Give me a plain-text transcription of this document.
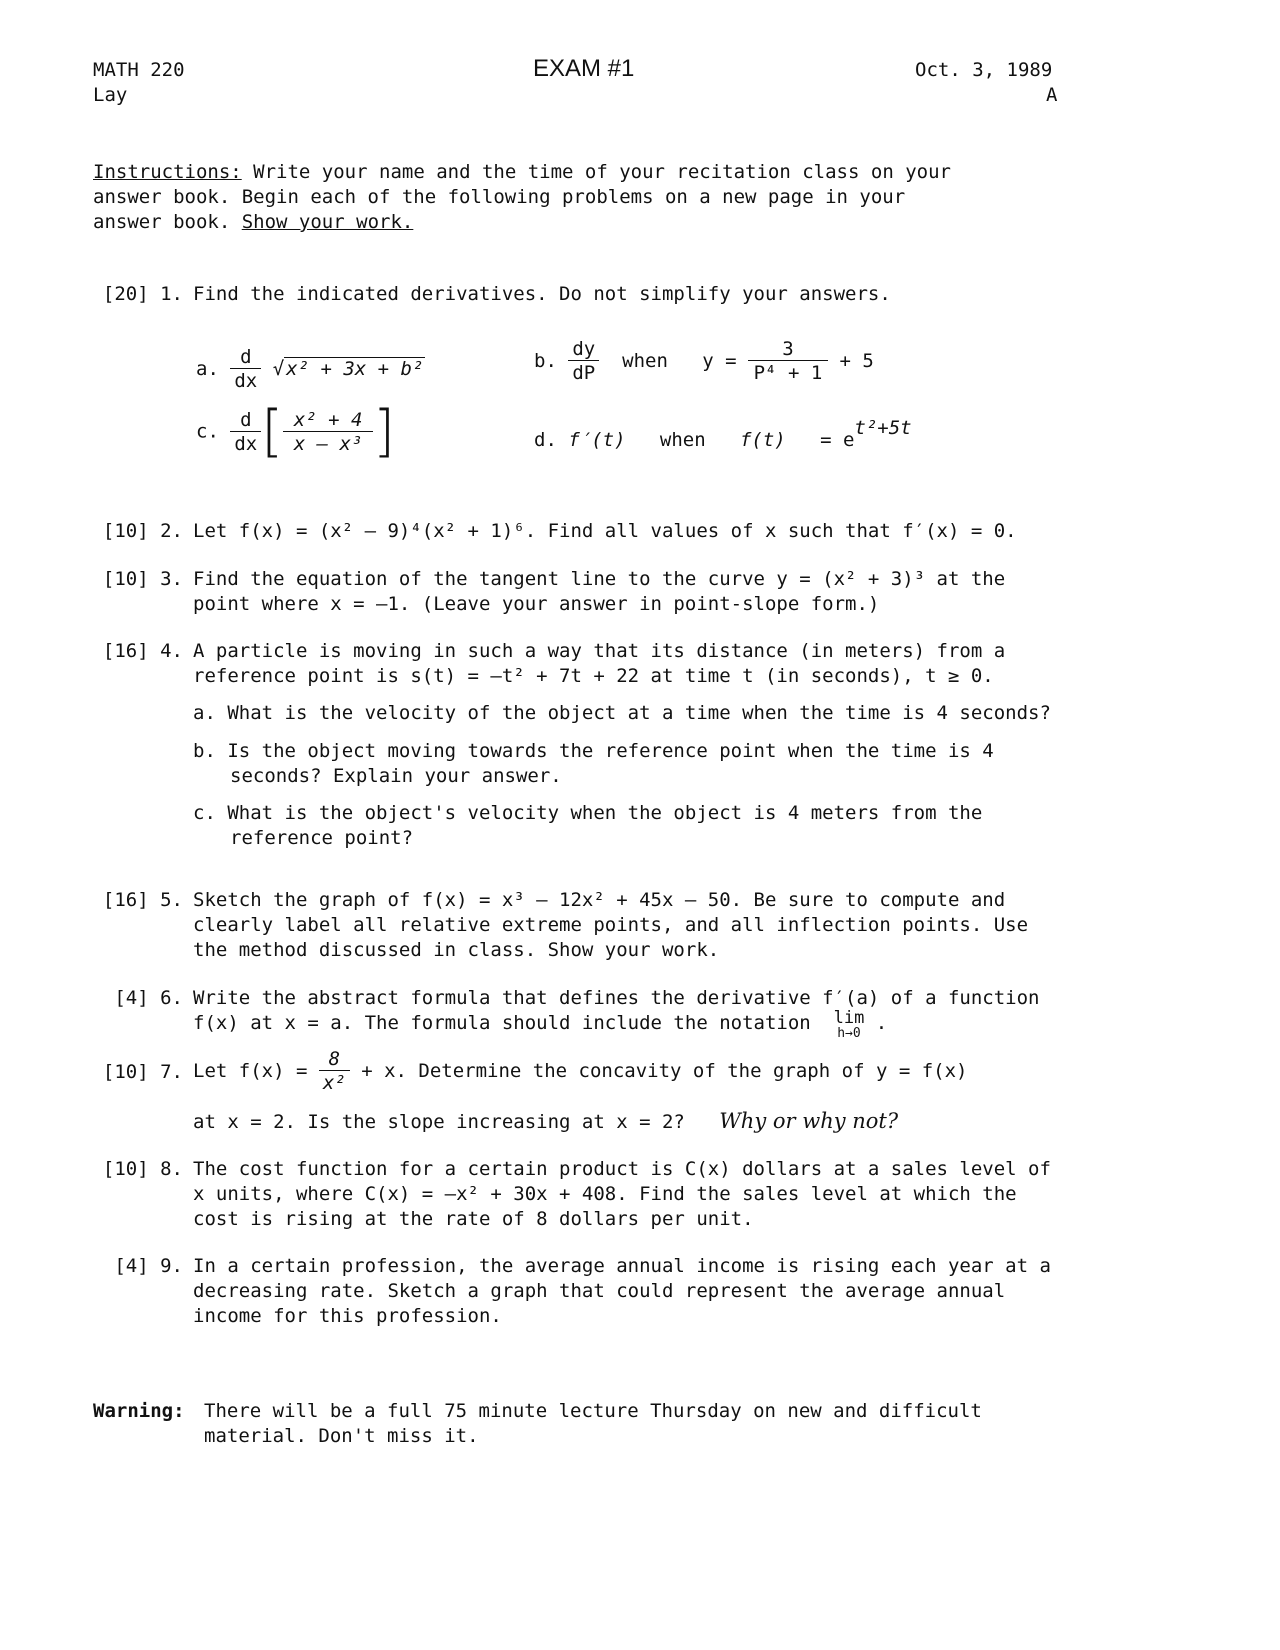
MATH 220
Lay
EXAM #1	Oct. 3, 1989
A
Instructions: Write your name and the time of your recitation class on your
answer book. Begin each of the following problems on a new page in your
answer book. Show your work.
[20] 1. Find the indicated derivatives. Do not simplify your answers.
a. $\frac{d}{dx}$ √ x² + 3x + b²	b. $\frac{dy}{dP}$ when $y = \frac{3}{\text{P⁴ + 1}} + 5$
c. $\frac{d}{dx}$ [ $\frac{\text{x² + 4}}{\text{x – x³}}$ ]	d. f′(t) when f(t) = et²+5t
[10] 2. Let f(x) = (x² – 9)⁴(x² + 1)⁶. Find all values of x such that f′(x) = 0.
[10] 3. Find the equation of the tangent line to the curve y = (x² + 3)³ at the
point where x = –1. (Leave your answer in point-slope form.)
[16] 4. A particle is moving in such a way that its distance (in meters) from a
reference point is s(t) = –t² + 7t + 22 at time t (in seconds), t ≥ 0.
a. What is the velocity of the object at a time when the time is 4 seconds?
b. Is the object moving towards the reference point when the time is 4
seconds? Explain your answer.
c. What is the object's velocity when the object is 4 meters from the
reference point?
[16] 5. Sketch the graph of f(x) = x³ – 12x² + 45x – 50. Be sure to compute and
clearly label all relative extreme points, and all inflection points. Use
the method discussed in class. Show your work.
[4] 6. Write the abstract formula that defines the derivative f′(a) of a function
f(x) at x = a. The formula should include the notation lim
h→0 .
[10] 7. Let $f(x) = \frac{8}{\text{x²}} + x$. Determine the concavity of the graph of y = f(x)
at x = 2. Is the slope increasing at x = 2? Why or why not?
[10] 8. The cost function for a certain product is C(x) dollars at a sales level of
x units, where C(x) = –x² + 30x + 408. Find the sales level at which the
cost is rising at the rate of 8 dollars per unit.
[4] 9. In a certain profession, the average annual income is rising each year at a
decreasing rate. Sketch a graph that could represent the average annual
income for this profession.
Warning: There will be a full 75 minute lecture Thursday on new and difficult
material. Don't miss it.
